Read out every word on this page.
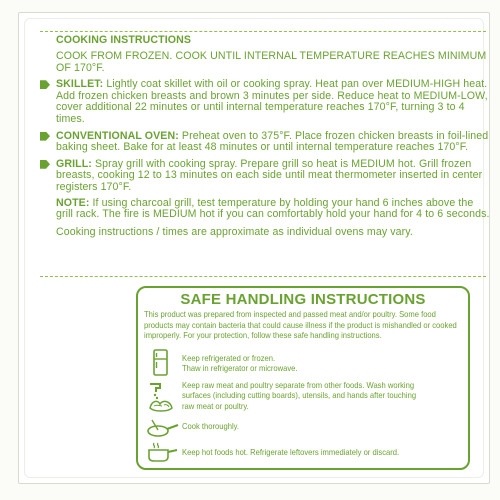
COOKING INSTRUCTIONS
COOK FROM FROZEN. COOK UNTIL INTERNAL TEMPERATURE REACHES MINIMUM OF 170°F.
SKILLET: Lightly coat skillet with oil or cooking spray. Heat pan over MEDIUM-HIGH heat. Add frozen chicken breasts and brown 3 minutes per side. Reduce heat to MEDIUM-LOW, cover additional 22 minutes or until internal temperature reaches 170°F, turning 3 to 4 times.
CONVENTIONAL OVEN: Preheat oven to 375°F. Place frozen chicken breasts in foil-lined baking sheet. Bake for at least 48 minutes or until internal temperature reaches 170°F.
GRILL: Spray grill with cooking spray. Prepare grill so heat is MEDIUM hot. Grill frozen breasts, cooking 12 to 13 minutes on each side until meat thermometer inserted in center registers 170°F.
NOTE: If using charcoal grill, test temperature by holding your hand 6 inches above the grill rack. The fire is MEDIUM hot if you can comfortably hold your hand for 4 to 6 seconds.
Cooking instructions / times are approximate as individual ovens may vary.
SAFE HANDLING INSTRUCTIONS
This product was prepared from inspected and passed meat and/or poultry. Some food products may contain bacteria that could cause illness if the product is mishandled or cooked improperly. For your protection, follow these safe handling instructions.
Keep refrigerated or frozen.
Thaw in refrigerator or microwave.
Keep raw meat and poultry separate from other foods. Wash working
surfaces (including cutting boards), utensils, and hands after touching
raw meat or poultry.
Cook thoroughly.
Keep hot foods hot. Refrigerate leftovers immediately or discard.
